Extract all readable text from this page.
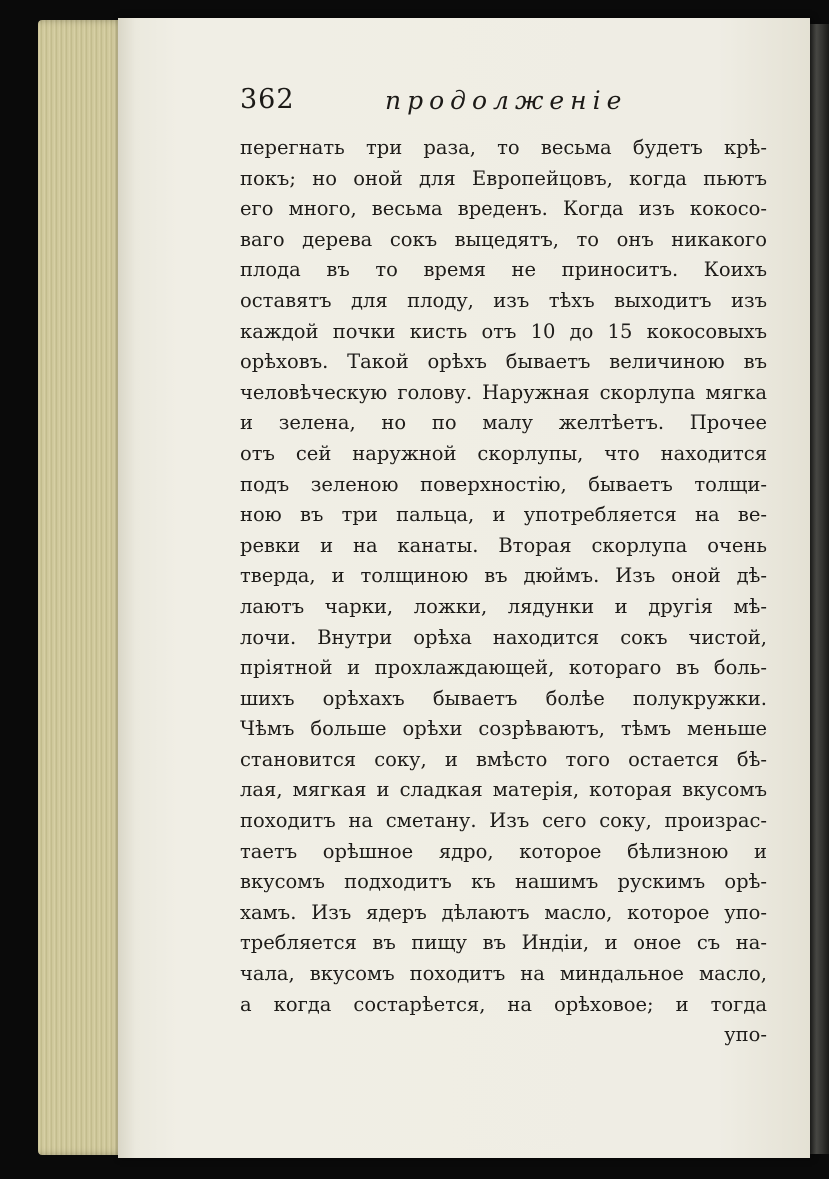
362	продолженіе
перегнать три раза, то весьма будетъ крѣ-
покъ; но оной для Европейцовъ, когда пьютъ
его много, весьма вреденъ. Когда изъ кокосо-
ваго дерева сокъ выцедятъ, то онъ никакого
плода въ то время не приноситъ. Коихъ
оставятъ для плоду, изъ тѣхъ выходитъ изъ
каждой почки кисть отъ 10 до 15 кокосовыхъ
орѣховъ. Такой орѣхъ бываетъ величиною въ
человѣческую голову. Наружная скорлупа мягка
и зелена, но по малу желтѣетъ. Прочее
отъ сей наружной скорлупы, что находится
подъ зеленою поверхностію, бываетъ толщи-
ною въ три пальца, и употребляется на ве-
ревки и на канаты. Вторая скорлупа очень
тверда, и толщиною въ дюймъ. Изъ оной дѣ-
лаютъ чарки, ложки, лядунки и другія мѣ-
лочи. Внутри орѣха находится сокъ чистой,
пріятной и прохлаждающей, котораго въ боль-
шихъ орѣхахъ бываетъ болѣе полукружки.
Чѣмъ больше орѣхи созрѣваютъ, тѣмъ меньше
становится соку, и вмѣсто того остается бѣ-
лая, мягкая и сладкая матерія, которая вкусомъ
походитъ на сметану. Изъ сего соку, произрас-
таетъ орѣшное ядро, которое бѣлизною и
вкусомъ подходитъ къ нашимъ рускимъ орѣ-
хамъ. Изъ ядеръ дѣлаютъ масло, которое упо-
требляется въ пищу въ Индіи, и оное съ на-
чала, вкусомъ походитъ на миндальное масло,
а когда состарѣется, на орѣховое; и тогда
упо-
